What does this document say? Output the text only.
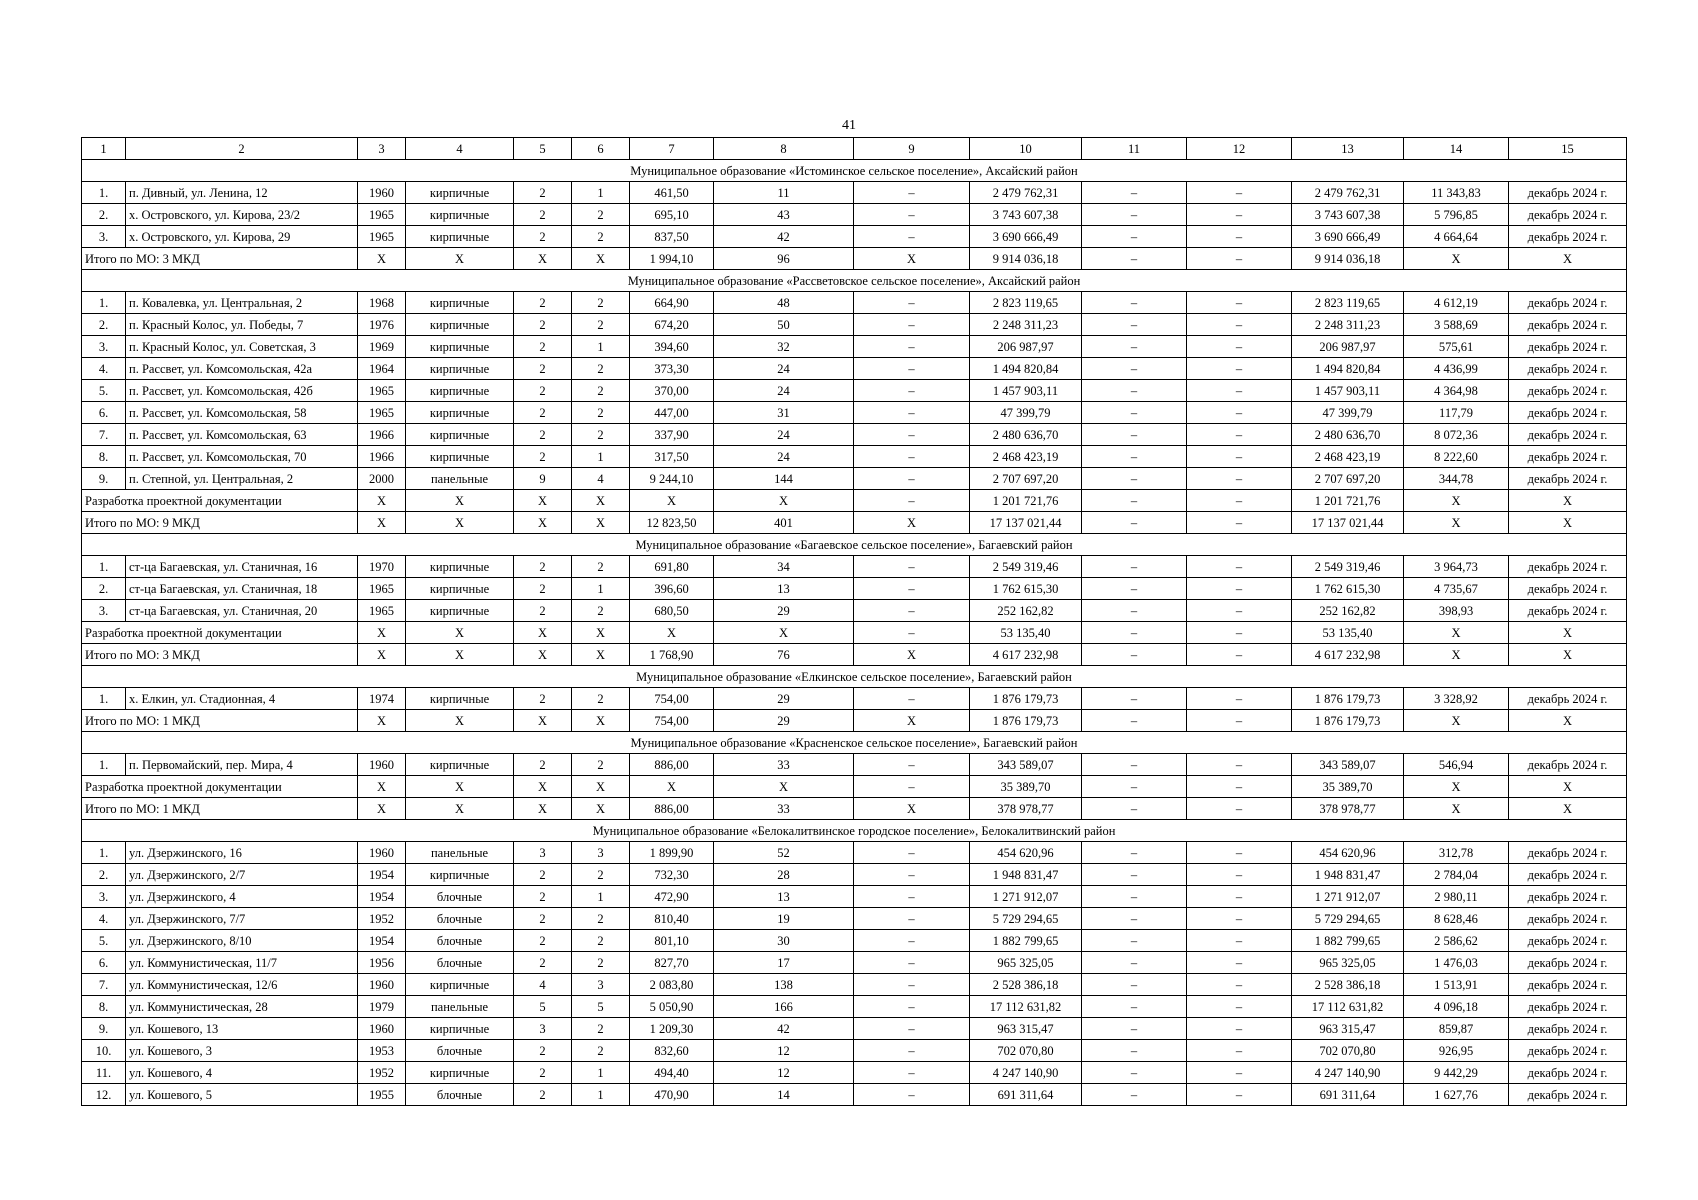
41
1	2	3	4	5	6	7	8	9	10	11	12	13	14	15
Муниципальное образование «Истоминское сельское поселение», Аксайский район														
1.	п. Дивный, ул. Ленина, 12	1960	кирпичные	2	1	461,50	11	–	2 479 762,31	–	–	2 479 762,31	11 343,83	декабрь 2024 г.
2.	х. Островского, ул. Кирова, 23/2	1965	кирпичные	2	2	695,10	43	–	3 743 607,38	–	–	3 743 607,38	5 796,85	декабрь 2024 г.
3.	х. Островского, ул. Кирова, 29	1965	кирпичные	2	2	837,50	42	–	3 690 666,49	–	–	3 690 666,49	4 664,64	декабрь 2024 г.
Итого по МО: 3 МКД		X	X	X	X	1 994,10	96	X	9 914 036,18	–	–	9 914 036,18	X	X
Муниципальное образование «Рассветовское сельское поселение», Аксайский район														
1.	п. Ковалевка, ул. Центральная, 2	1968	кирпичные	2	2	664,90	48	–	2 823 119,65	–	–	2 823 119,65	4 612,19	декабрь 2024 г.
2.	п. Красный Колос, ул. Победы, 7	1976	кирпичные	2	2	674,20	50	–	2 248 311,23	–	–	2 248 311,23	3 588,69	декабрь 2024 г.
3.	п. Красный Колос, ул. Советская, 3	1969	кирпичные	2	1	394,60	32	–	206 987,97	–	–	206 987,97	575,61	декабрь 2024 г.
4.	п. Рассвет, ул. Комсомольская, 42а	1964	кирпичные	2	2	373,30	24	–	1 494 820,84	–	–	1 494 820,84	4 436,99	декабрь 2024 г.
5.	п. Рассвет, ул. Комсомольская, 42б	1965	кирпичные	2	2	370,00	24	–	1 457 903,11	–	–	1 457 903,11	4 364,98	декабрь 2024 г.
6.	п. Рассвет, ул. Комсомольская, 58	1965	кирпичные	2	2	447,00	31	–	47 399,79	–	–	47 399,79	117,79	декабрь 2024 г.
7.	п. Рассвет, ул. Комсомольская, 63	1966	кирпичные	2	2	337,90	24	–	2 480 636,70	–	–	2 480 636,70	8 072,36	декабрь 2024 г.
8.	п. Рассвет, ул. Комсомольская, 70	1966	кирпичные	2	1	317,50	24	–	2 468 423,19	–	–	2 468 423,19	8 222,60	декабрь 2024 г.
9.	п. Степной, ул. Центральная, 2	2000	панельные	9	4	9 244,10	144	–	2 707 697,20	–	–	2 707 697,20	344,78	декабрь 2024 г.
Разработка проектной документации		X	X	X	X	X	X	–	1 201 721,76	–	–	1 201 721,76	X	X
Итого по МО: 9 МКД		X	X	X	X	12 823,50	401	X	17 137 021,44	–	–	17 137 021,44	X	X
Муниципальное образование «Багаевское сельское поселение», Багаевский район														
1.	ст-ца Багаевская, ул. Станичная, 16	1970	кирпичные	2	2	691,80	34	–	2 549 319,46	–	–	2 549 319,46	3 964,73	декабрь 2024 г.
2.	ст-ца Багаевская, ул. Станичная, 18	1965	кирпичные	2	1	396,60	13	–	1 762 615,30	–	–	1 762 615,30	4 735,67	декабрь 2024 г.
3.	ст-ца Багаевская, ул. Станичная, 20	1965	кирпичные	2	2	680,50	29	–	252 162,82	–	–	252 162,82	398,93	декабрь 2024 г.
Разработка проектной документации		X	X	X	X	X	X	–	53 135,40	–	–	53 135,40	X	X
Итого по МО: 3 МКД		X	X	X	X	1 768,90	76	X	4 617 232,98	–	–	4 617 232,98	X	X
Муниципальное образование «Елкинское сельское поселение», Багаевский район														
1.	х. Елкин, ул. Стадионная, 4	1974	кирпичные	2	2	754,00	29	–	1 876 179,73	–	–	1 876 179,73	3 328,92	декабрь 2024 г.
Итого по МО: 1 МКД		X	X	X	X	754,00	29	X	1 876 179,73	–	–	1 876 179,73	X	X
Муниципальное образование «Красненское сельское поселение», Багаевский район														
1.	п. Первомайский, пер. Мира, 4	1960	кирпичные	2	2	886,00	33	–	343 589,07	–	–	343 589,07	546,94	декабрь 2024 г.
Разработка проектной документации		X	X	X	X	X	X	–	35 389,70	–	–	35 389,70	X	X
Итого по МО: 1 МКД		X	X	X	X	886,00	33	X	378 978,77	–	–	378 978,77	X	X
Муниципальное образование «Белокалитвинское городское поселение», Белокалитвинский район														
1.	ул. Дзержинского, 16	1960	панельные	3	3	1 899,90	52	–	454 620,96	–	–	454 620,96	312,78	декабрь 2024 г.
2.	ул. Дзержинского, 2/7	1954	кирпичные	2	2	732,30	28	–	1 948 831,47	–	–	1 948 831,47	2 784,04	декабрь 2024 г.
3.	ул. Дзержинского, 4	1954	блочные	2	1	472,90	13	–	1 271 912,07	–	–	1 271 912,07	2 980,11	декабрь 2024 г.
4.	ул. Дзержинского, 7/7	1952	блочные	2	2	810,40	19	–	5 729 294,65	–	–	5 729 294,65	8 628,46	декабрь 2024 г.
5.	ул. Дзержинского, 8/10	1954	блочные	2	2	801,10	30	–	1 882 799,65	–	–	1 882 799,65	2 586,62	декабрь 2024 г.
6.	ул. Коммунистическая, 11/7	1956	блочные	2	2	827,70	17	–	965 325,05	–	–	965 325,05	1 476,03	декабрь 2024 г.
7.	ул. Коммунистическая, 12/6	1960	кирпичные	4	3	2 083,80	138	–	2 528 386,18	–	–	2 528 386,18	1 513,91	декабрь 2024 г.
8.	ул. Коммунистическая, 28	1979	панельные	5	5	5 050,90	166	–	17 112 631,82	–	–	17 112 631,82	4 096,18	декабрь 2024 г.
9.	ул. Кошевого, 13	1960	кирпичные	3	2	1 209,30	42	–	963 315,47	–	–	963 315,47	859,87	декабрь 2024 г.
10.	ул. Кошевого, 3	1953	блочные	2	2	832,60	12	–	702 070,80	–	–	702 070,80	926,95	декабрь 2024 г.
11.	ул. Кошевого, 4	1952	кирпичные	2	1	494,40	12	–	4 247 140,90	–	–	4 247 140,90	9 442,29	декабрь 2024 г.
12.	ул. Кошевого, 5	1955	блочные	2	1	470,90	14	–	691 311,64	–	–	691 311,64	1 627,76	декабрь 2024 г.
